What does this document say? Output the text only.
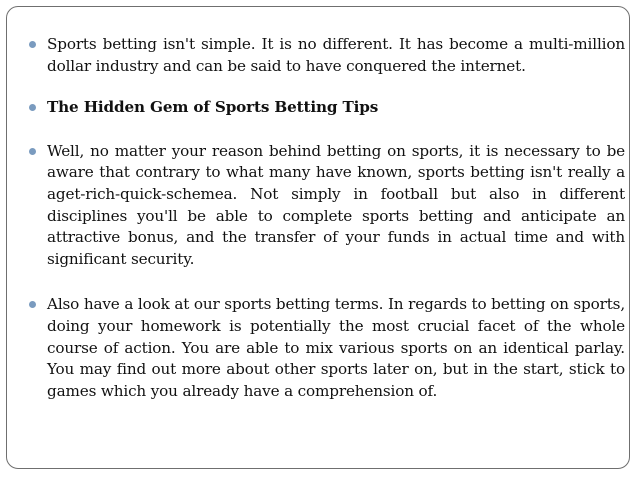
Sports betting isn't simple. It is no different. It has become a multi-million dollar industry and can be said to have conquered the internet.
The Hidden Gem of Sports Betting Tips
Well, no matter your reason behind betting on sports, it is necessary to be aware that contrary to what many have known, sports betting isn't really a aget-rich-quick-schemea. Not simply in football but also in different disciplines you'll be able to complete sports betting and anticipate an attractive bonus, and the transfer of your funds in actual time and with significant security.
Also have a look at our sports betting terms. In regards to betting on sports, doing your homework is potentially the most crucial facet of the whole course of action. You are able to mix various sports on an identical parlay. You may find out more about other sports later on, but in the start, stick to games which you already have a comprehension of.
